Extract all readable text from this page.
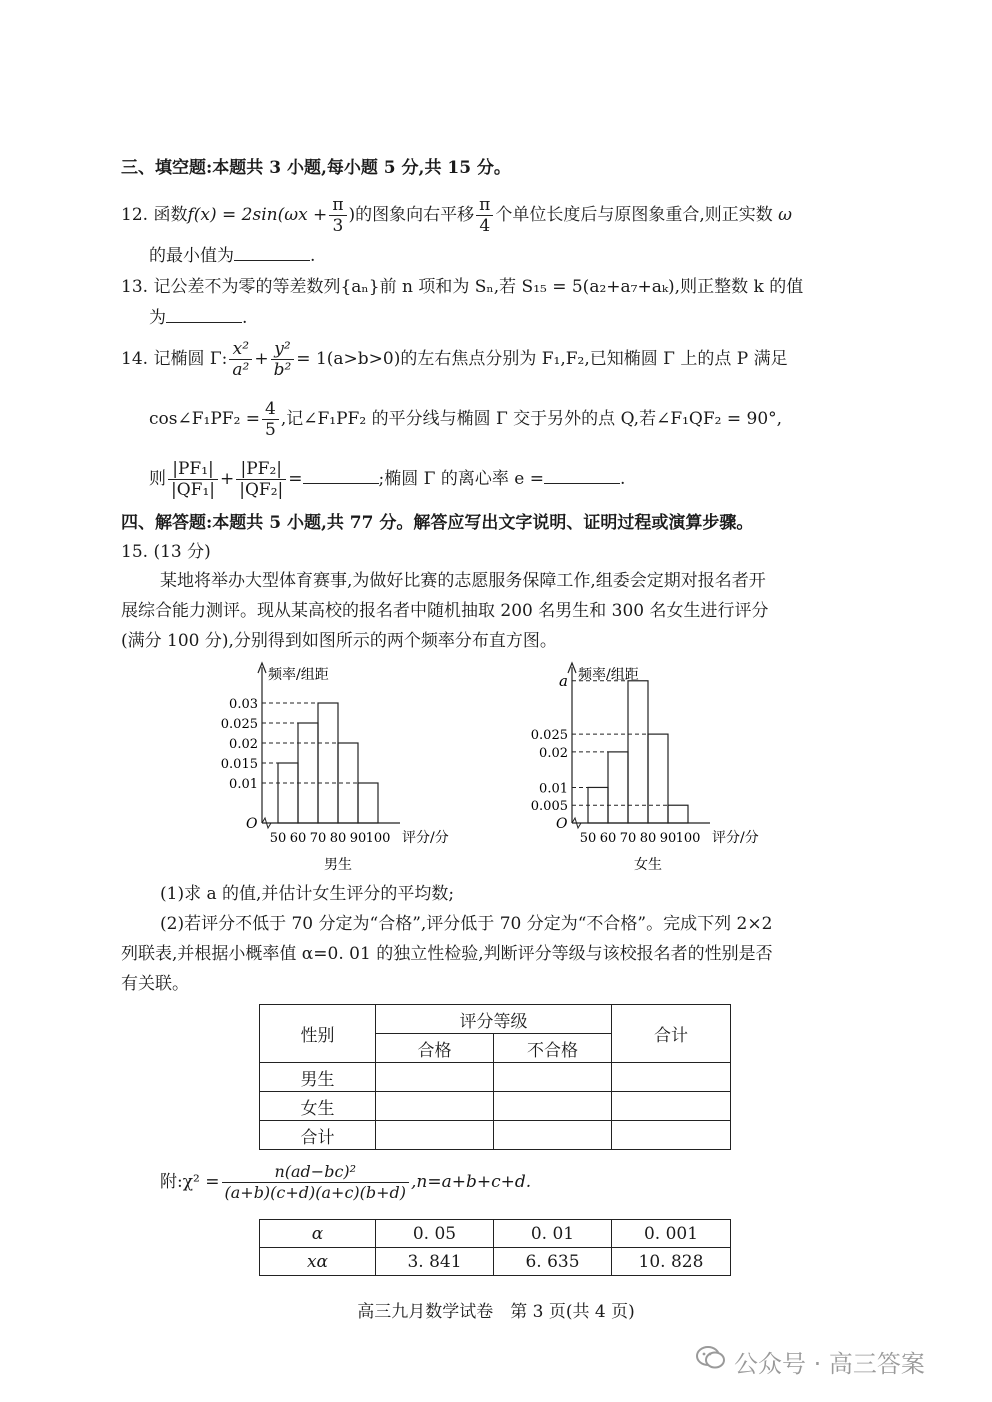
三、填空题:本题共 3 小题,每小题 5 分,共 15 分。
12. 函数$f(x) = 2\sin(\omega x + \frac{\pi}{3}$ )的图象向右平移 $\frac{\pi}{4}$ 个单位长度后与原图象重合,则正实数 ω
的最小值为	.
13. 记公差不为零的等差数列{aₙ}前 n 项和为 Sₙ,若 S₁₅ = 5(a₂+a₇+aₖ),则正整数 k 的值
为	.
14. 记椭圆 Γ: $\frac{\text{x²}}{\text{a²}} + \frac{\text{y²}}{\text{b²}} = 1(a>b>0)$的左右焦点分别为 F₁,F₂,已知椭圆 Γ 上的点 P 满足
cos∠F₁PF₂ = $\frac{4}{5}$ ,记∠F₁PF₂ 的平分线与椭圆 Γ 交于另外的点 Q,若∠F₁QF₂ = 90°,
则 $\frac{\text{|PF₁|}}{\text{|QF₁|}} + \frac{\text{|PF₂|}}{\text{|QF₂|}}$ =	;椭圆 Γ 的离心率 e =	.
四、解答题:本题共 5 小题,共 77 分。解答应写出文字说明、证明过程或演算步骤。
15. (13 分)
某地将举办大型体育赛事,为做好比赛的志愿服务保障工作,组委会定期对报名者开
展综合能力测评。现从某高校的报名者中随机抽取 200 名男生和 300 名女生进行评分
(满分 100 分),分别得到如图所示的两个频率分布直方图。
O
频率/组距
0.03
0.025
0.02
0.015
0.01
50 60 70 80 90 100 评分/分
男生
O
频率/组距
a
0.025
0.02
0.01
0.005
50 60 70 80 90 100 评分/分
女生
(1)求 a 的值,并估计女生评分的平均数;
(2)若评分不低于 70 分定为“合格”,评分低于 70 分定为“不合格”。完成下列 2×2
列联表,并根据小概率值 α=0. 01 的独立性检验,判断评分等级与该校报名者的性别是否
有关联。
性别	评分等级		合计
	合格	不合格	
男生			
女生			
合计			
附:χ² = $\frac{\text{n(ad−bc)²}}{(a+b)(c+d)(a+c)(b+d)} ,n=a+b+c+d$.
α	0. 05	0. 01	0. 001
xα	3. 841	6. 635	10. 828
高三九月数学试卷　第 3 页(共 4 页)
公众号 · 高三答案
